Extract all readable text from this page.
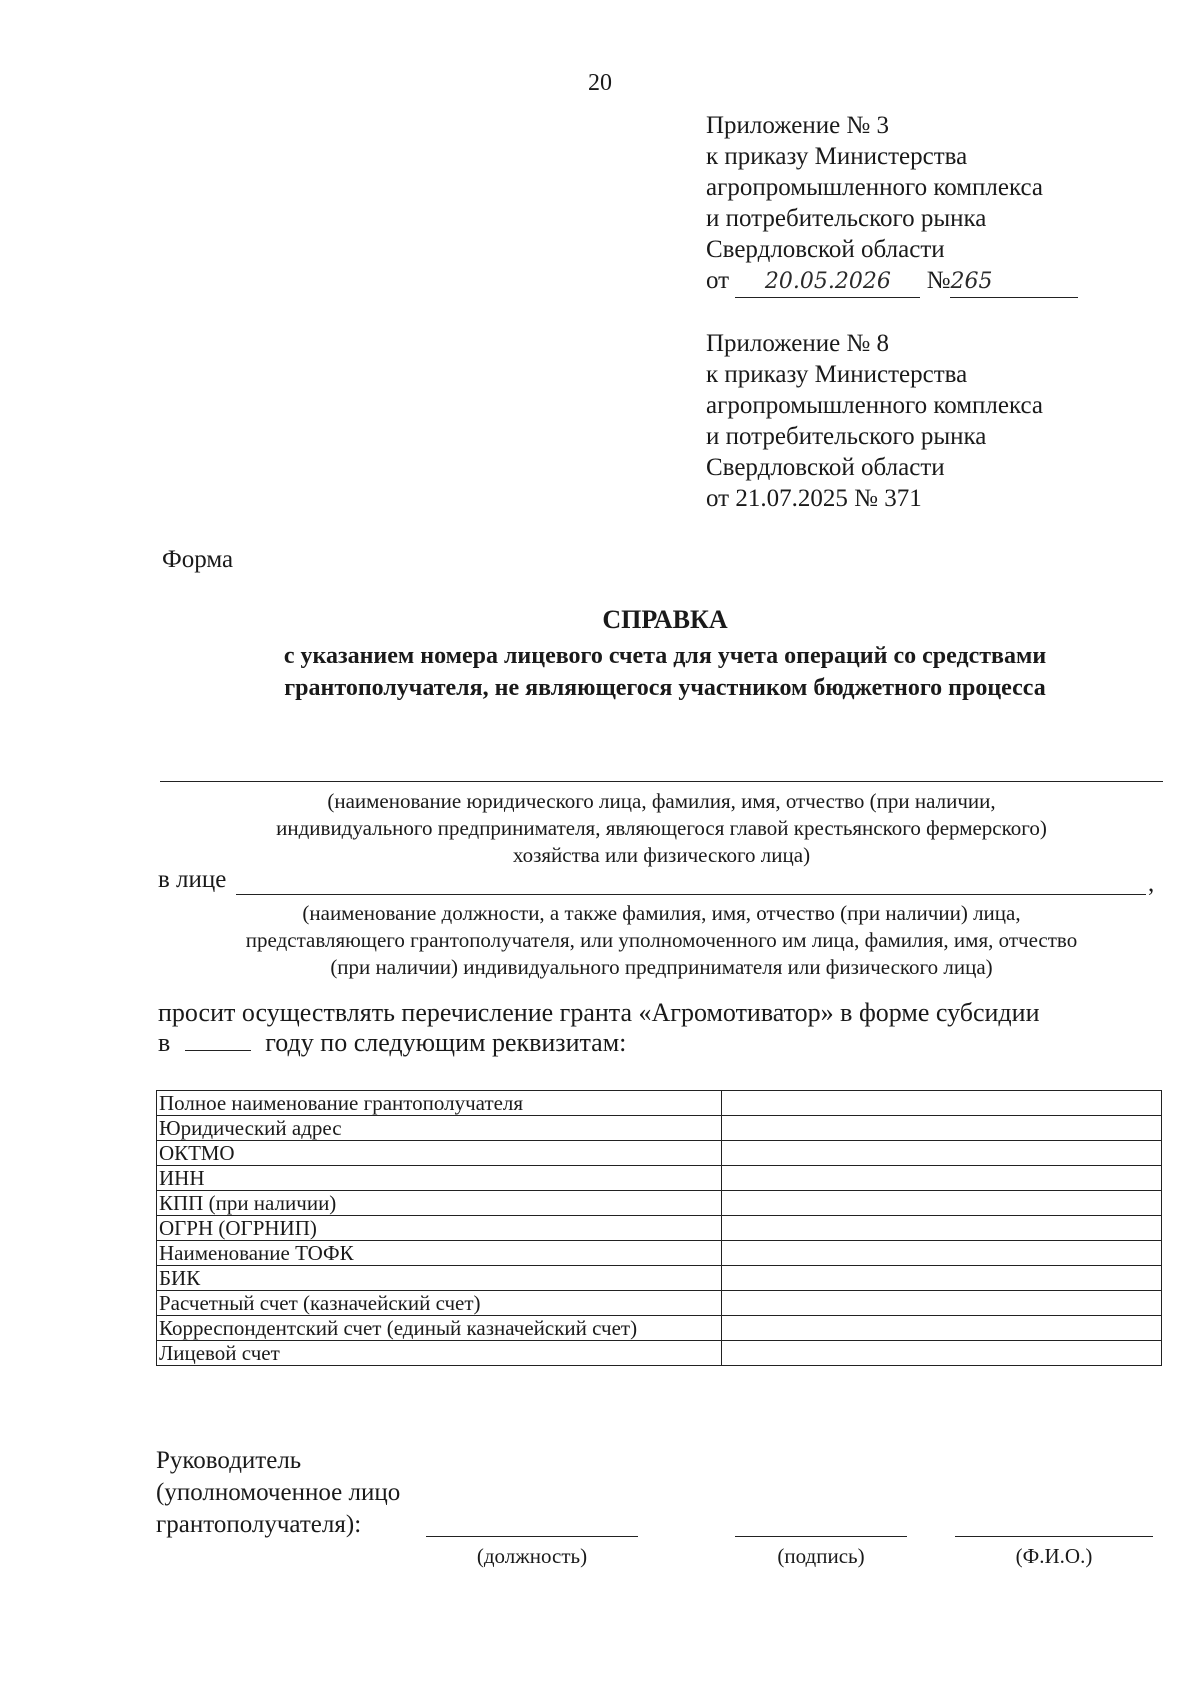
20
Приложение № 3
к приказу Министерства
агропромышленного комплекса
и потребительского рынка
Свердловской области
от 20.05.2026 №265
Приложение № 8
к приказу Министерства
агропромышленного комплекса
и потребительского рынка
Свердловской области
от 21.07.2025 № 371
Форма
СПРАВКА
с указанием номера лицевого счета для учета операций со средствами
грантополучателя, не являющегося участником бюджетного процесса
(наименование юридического лица, фамилия, имя, отчество (при наличии,
индивидуального предпринимателя, являющегося главой крестьянского фермерского)
хозяйства или физического лица)
в лице	,
(наименование должности, а также фамилия, имя, отчество (при наличии) лица,
представляющего грантополучателя, или уполномоченного им лица, фамилия, имя, отчество
(при наличии) индивидуального предпринимателя или физического лица)
просит осуществлять перечисление гранта «Агромотиватор» в форме субсидии
в	году по следующим реквизитам:
Полное наименование грантополучателя	
Юридический адрес	
ОКТМО	
ИНН	
КПП (при наличии)	
ОГРН (ОГРНИП)	
Наименование ТОФК	
БИК	
Расчетный счет (казначейский счет)	
Корреспондентский счет (единый казначейский счет)	
Лицевой счет	
Руководитель
(уполномоченное лицо
грантополучателя):
(должность)	(подпись)	(Ф.И.О.)
